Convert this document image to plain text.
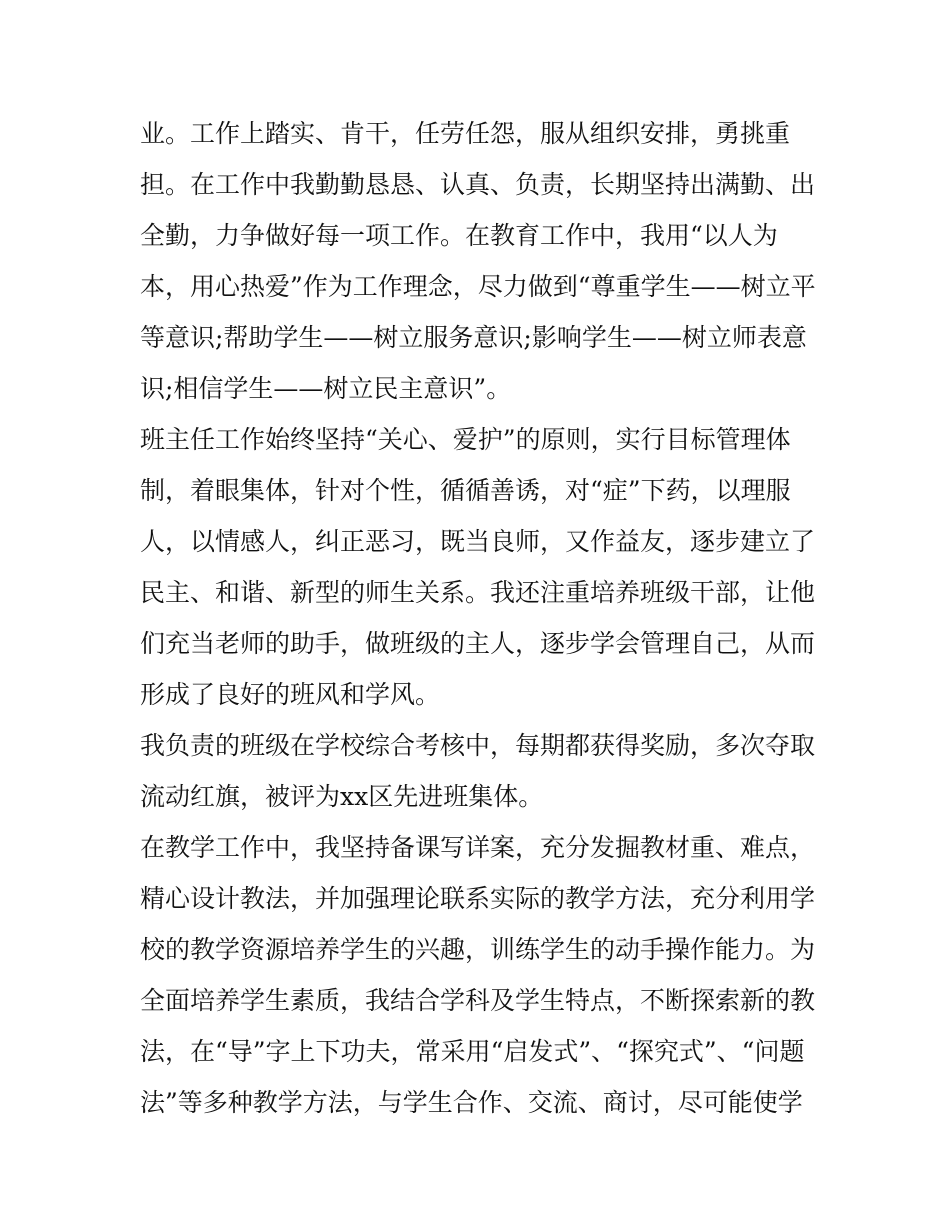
业。工作上踏实、肯干，任劳任怨，服从组织安排，勇挑重
担。在工作中我勤勤恳恳、认真、负责，长期坚持出满勤、出
全勤，力争做好每一项工作。在教育工作中，我用“以人为
本，用心热爱”作为工作理念，尽力做到“尊重学生——树立平
等意识;帮助学生——树立服务意识;影响学生——树立师表意
识;相信学生——树立民主意识”。
班主任工作始终坚持“关心、爱护”的原则，实行目标管理体
制，着眼集体，针对个性，循循善诱，对“症”下药，以理服
人，以情感人，纠正恶习，既当良师，又作益友，逐步建立了
民主、和谐、新型的师生关系。我还注重培养班级干部，让他
们充当老师的助手，做班级的主人，逐步学会管理自己，从而
形成了良好的班风和学风。
我负责的班级在学校综合考核中，每期都获得奖励，多次夺取
流动红旗，被评为xx区先进班集体。
在教学工作中，我坚持备课写详案，充分发掘教材重、难点，
精心设计教法，并加强理论联系实际的教学方法，充分利用学
校的教学资源培养学生的兴趣，训练学生的动手操作能力。为
全面培养学生素质，我结合学科及学生特点，不断探索新的教
法，在“导”字上下功夫，常采用“启发式”、“探究式”、“问题
法”等多种教学方法，与学生合作、交流、商讨，尽可能使学
